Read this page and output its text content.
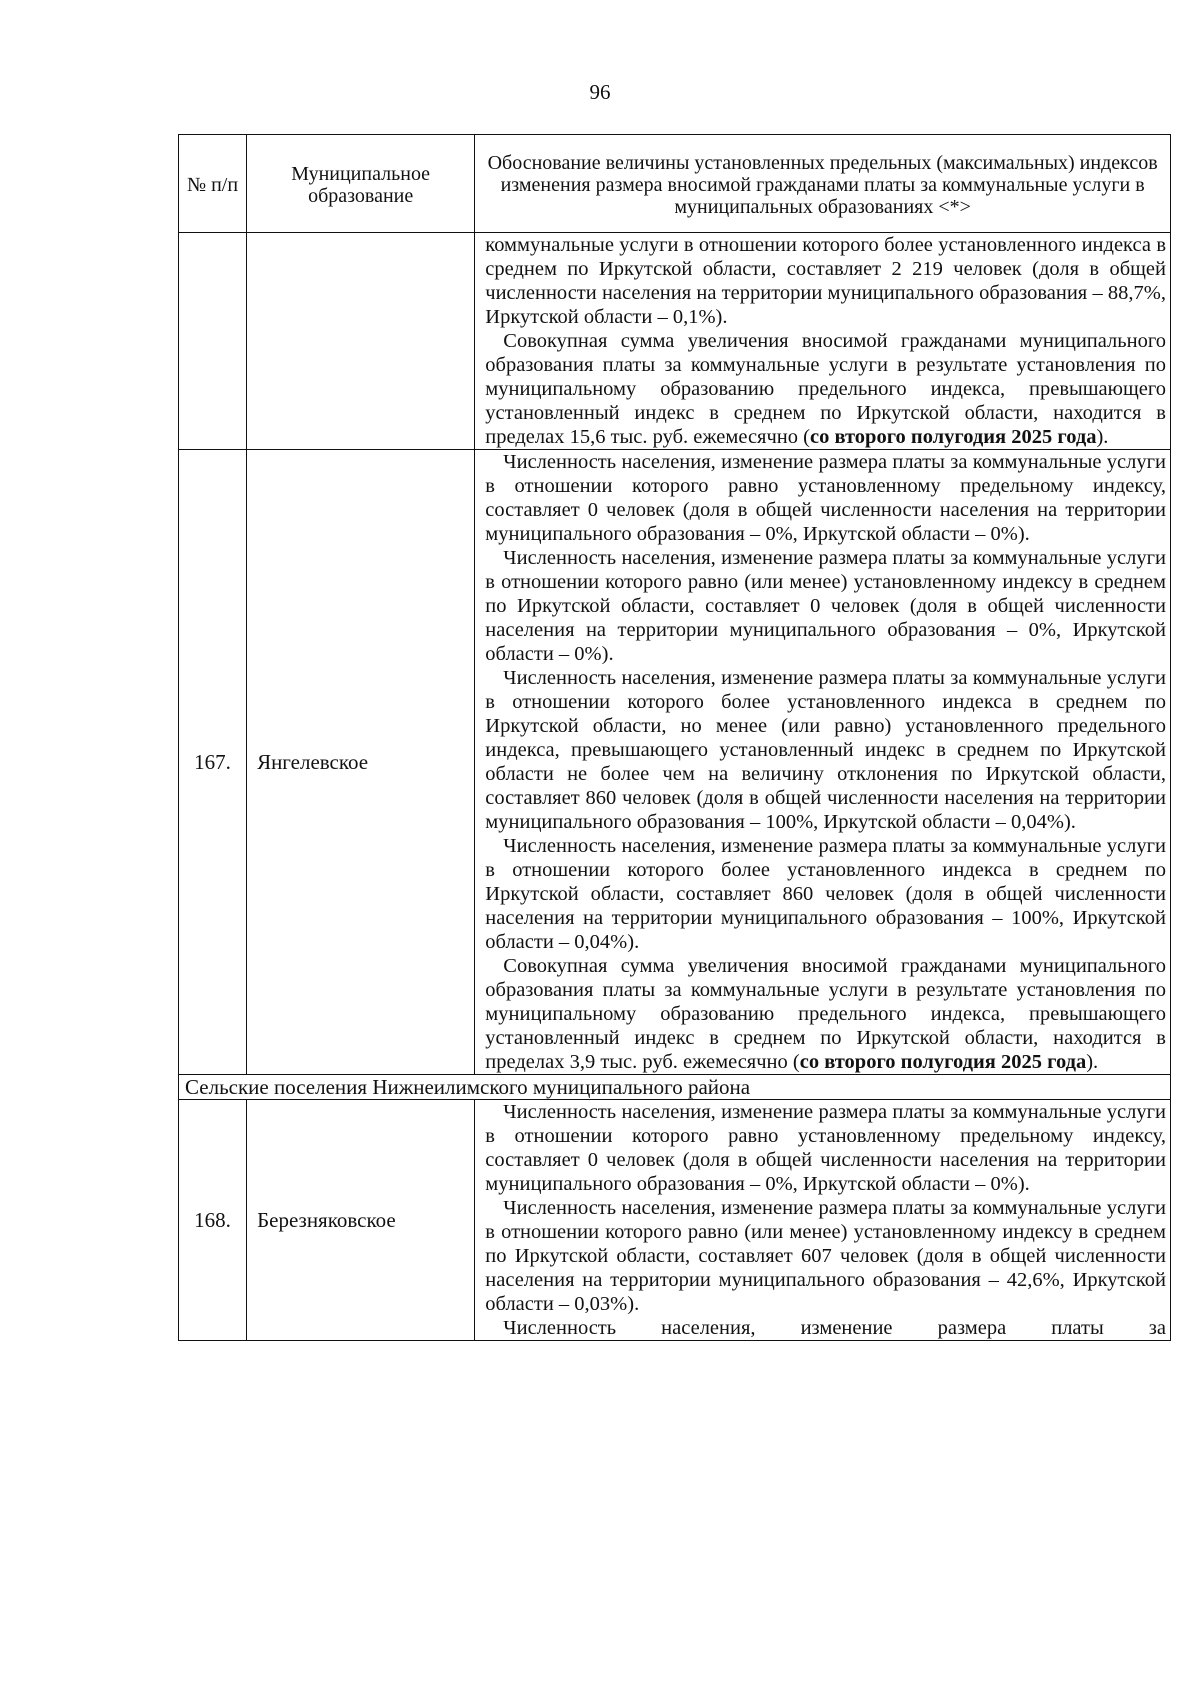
96
№ п/п	Муниципальное образование	Обоснование величины установленных предельных (максимальных) индексов изменения размера вносимой гражданами платы за коммунальные услуги в муниципальных образованиях <*>

		коммунальные услуги в отношении которого более установленного индекса в среднем по Иркутской области, составляет 2 219 человек (доля в общей численности населения на территории муниципального образования – 88,7%, Иркутской области – 0,1%).

Совокупная сумма увеличения вносимой гражданами муниципального образования платы за коммунальные услуги в результате установления по муниципальному образованию предельного индекса, превышающего установленный индекс в среднем по Иркутской области, находится в пределах 15,6 тыс. руб. ежемесячно (со второго полугодия 2025 года).

167.	Янгелевское	Численность населения, изменение размера платы за коммунальные услуги в отношении которого равно установленному предельному индексу, составляет 0 человек (доля в общей численности населения на территории муниципального образования – 0%, Иркутской области – 0%).

Численность населения, изменение размера платы за коммунальные услуги в отношении которого равно (или менее) установленному индексу в среднем по Иркутской области, составляет 0 человек (доля в общей численности населения на территории муниципального образования – 0%, Иркутской области – 0%).

Численность населения, изменение размера платы за коммунальные услуги в отношении которого более установленного индекса в среднем по Иркутской области, но менее (или равно) установленного предельного индекса, превышающего установленный индекс в среднем по Иркутской области не более чем на величину отклонения по Иркутской области, составляет 860 человек (доля в общей численности населения на территории муниципального образования – 100%, Иркутской области – 0,04%).

Численность населения, изменение размера платы за коммунальные услуги в отношении которого более установленного индекса в среднем по Иркутской области, составляет 860 человек (доля в общей численности населения на территории муниципального образования – 100%, Иркутской области – 0,04%).

Совокупная сумма увеличения вносимой гражданами муниципального образования платы за коммунальные услуги в результате установления по муниципальному образованию предельного индекса, превышающего установленный индекс в среднем по Иркутской области, находится в пределах 3,9 тыс. руб. ежемесячно (со второго полугодия 2025 года).

Сельские поселения Нижнеилимского муниципального района		
168.	Березняковское	Численность населения, изменение размера платы за коммунальные услуги в отношении которого равно установленному предельному индексу, составляет 0 человек (доля в общей численности населения на территории муниципального образования – 0%, Иркутской области – 0%).

Численность населения, изменение размера платы за коммунальные услуги в отношении которого равно (или менее) установленному индексу в среднем по Иркутской области, составляет 607 человек (доля в общей численности населения на территории муниципального образования – 42,6%, Иркутской области – 0,03%).

Численность населения, изменение размера платы за
